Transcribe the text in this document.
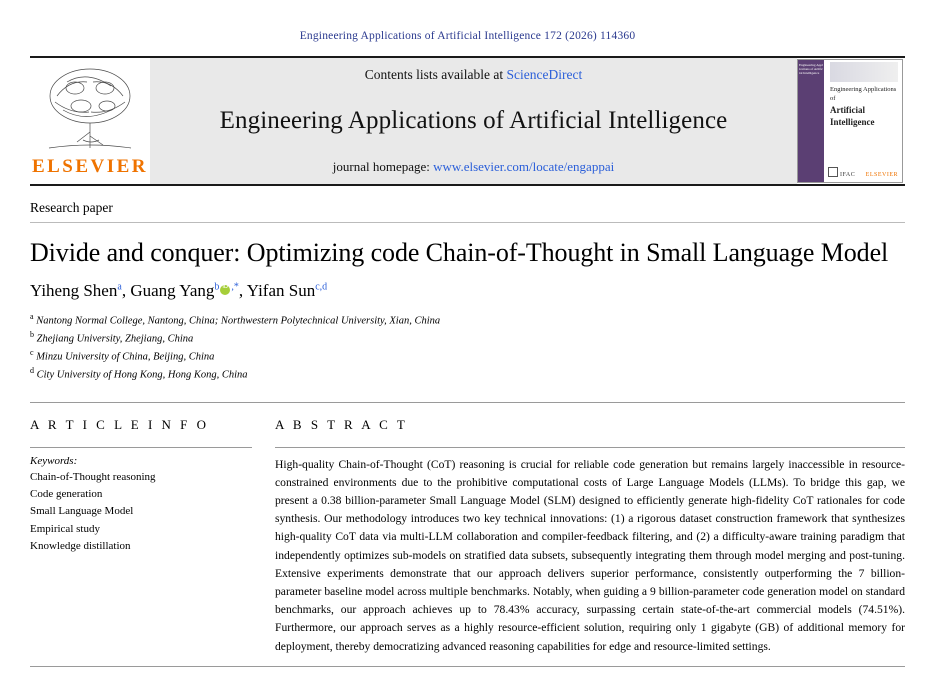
Engineering Applications of Artificial Intelligence 172 (2026) 114360
ELSEVIER
Contents lists available at ScienceDirect
Engineering Applications of Artificial Intelligence
journal homepage: www.elsevier.com/locate/engappai
Engineering Applications of Artificial Intelligence
Engineering Applications of
Artificial
Intelligence
IFAC ELSEVIER
Research paper
Divide and conquer: Optimizing code Chain-of-Thought in Small Language Model
Yiheng Shen$^a$, Guang Yang$^b$ iD ,*, Yifan Sun$^{c,d}$
$^a$ Nantong Normal College, Nantong, China; Northwestern Polytechnical University, Xian, China
$^b$ Zhejiang University, Zhejiang, China
$^c$ Minzu University of China, Beijing, China
$^d$ City University of Hong Kong, Hong Kong, China
A R T I C L E I N F O
Keywords:
Chain-of-Thought reasoning
Code generation
Small Language Model
Empirical study
Knowledge distillation
A B S T R A C T
High-quality Chain-of-Thought (CoT) reasoning is crucial for reliable code generation but remains largely inaccessible in resource-constrained environments due to the prohibitive computational costs of Large Language Models (LLMs). To bridge this gap, we present a 0.38 billion-parameter Small Language Model (SLM) designed to efficiently generate high-fidelity CoT rationales for code synthesis. Our methodology introduces two key technical innovations: (1) a rigorous dataset construction framework that synthesizes high-quality CoT data via multi-LLM collaboration and compiler-feedback filtering, and (2) a difficulty-aware training paradigm that independently optimizes sub-models on stratified data subsets, subsequently integrating them through model merging and post-tuning. Extensive experiments demonstrate that our approach delivers superior performance, consistently outperforming the 7 billion-parameter baseline model across multiple benchmarks. Notably, when guiding a 9 billion-parameter code generation model on standard benchmarks, our approach achieves up to 78.43% accuracy, surpassing certain state-of-the-art commercial models (74.51%). Furthermore, our approach serves as a highly resource-efficient solution, requiring only 1 gigabyte (GB) of additional memory for deployment, thereby democratizing advanced reasoning capabilities for edge and resource-limited settings.
